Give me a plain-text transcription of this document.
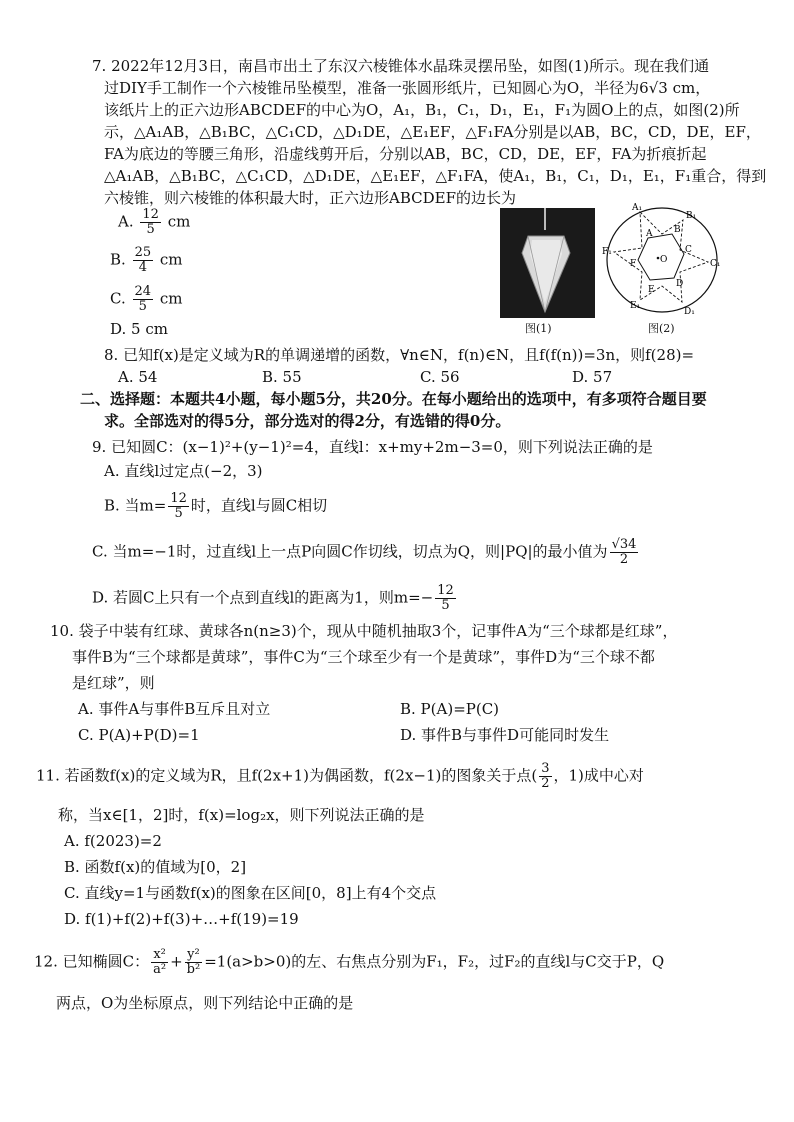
7. 2022年12月3日，南昌市出土了东汉六棱锥体水晶珠灵摆吊坠，如图(1)所示。现在我们通
过DIY手工制作一个六棱锥吊坠模型，准备一张圆形纸片，已知圆心为O，半径为6√3 cm，
该纸片上的正六边形ABCDEF的中心为O，A₁，B₁，C₁，D₁，E₁，F₁为圆O上的点，如图(2)所
示，△A₁AB，△B₁BC，△C₁CD，△D₁DE，△E₁EF，△F₁FA分别是以AB，BC，CD，DE，EF，
FA为底边的等腰三角形，沿虚线剪开后，分别以AB，BC，CD，DE，EF，FA为折痕折起
△A₁AB，△B₁BC，△C₁CD，△D₁DE，△E₁EF，△F₁FA，使A₁，B₁，C₁，D₁，E₁，F₁重合，得到
六棱锥，则六棱锥的体积最大时，正六边形ABCDEF的边长为
A. $\frac{12}{5}$ cm
B. $\frac{25}{4}$ cm
C. $\frac{24}{5}$ cm
D. 5 cm	图(1)
A₁
B₁
C₁
D₁
E₁
F₁
A B
C
D
E
F	O
图(2)
8. 已知f(x)是定义域为R的单调递增的函数，∀n∈N，f(n)∈N，且f(f(n))=3n，则f(28)=
A. 54	B. 55	C. 56	D. 57
二、选择题：本题共4小题，每小题5分，共20分。在每小题给出的选项中，有多项符合题目要
求。全部选对的得5分，部分选对的得2分，有选错的得0分。
9. 已知圆C：(x−1)²+(y−1)²=4，直线l：x+my+2m−3=0，则下列说法正确的是
A. 直线l过定点(−2，3)
B. 当$m= \frac{12}{5}$ 时，直线l与圆C相切
C. 当m=−1时，过直线l上一点P向圆C作切线，切点为Q，则|PQ|的最小值为 $\frac{√34}{2}$
D. 若圆C上只有一个点到直线l的距离为1，则$m=- \frac{12}{5}$
10. 袋子中装有红球、黄球各n(n≥3)个，现从中随机抽取3个，记事件A为“三个球都是红球”，
事件B为“三个球都是黄球”，事件C为“三个球至少有一个是黄球”，事件D为“三个球不都
是红球”，则
A. 事件A与事件B互斥且对立	B. P(A)=P(C)
C. P(A)+P(D)=1	D. 事件B与事件D可能同时发生
11. 若函数f(x)的定义域为R，且f(2x+1)为偶函数，f(2x−1)的图象关于点( $\frac{3}{2}$ ，1)成中心对
称，当x∈[1，2]时，f(x)=log₂x，则下列说法正确的是
A. f(2023)=2
B. 函数f(x)的值域为[0，2]
C. 直线y=1与函数f(x)的图象在区间[0，8]上有4个交点
D. f(1)+f(2)+f(3)+…+f(19)=19
12. 已知椭圆C： $\frac{\text{x²}}{\text{a²}} + \frac{\text{y²}}{\text{b²}} =1(a>b>0)$的左、右焦点分别为F₁，F₂，过F₂的直线l与C交于P，Q
两点，O为坐标原点，则下列结论中正确的是
